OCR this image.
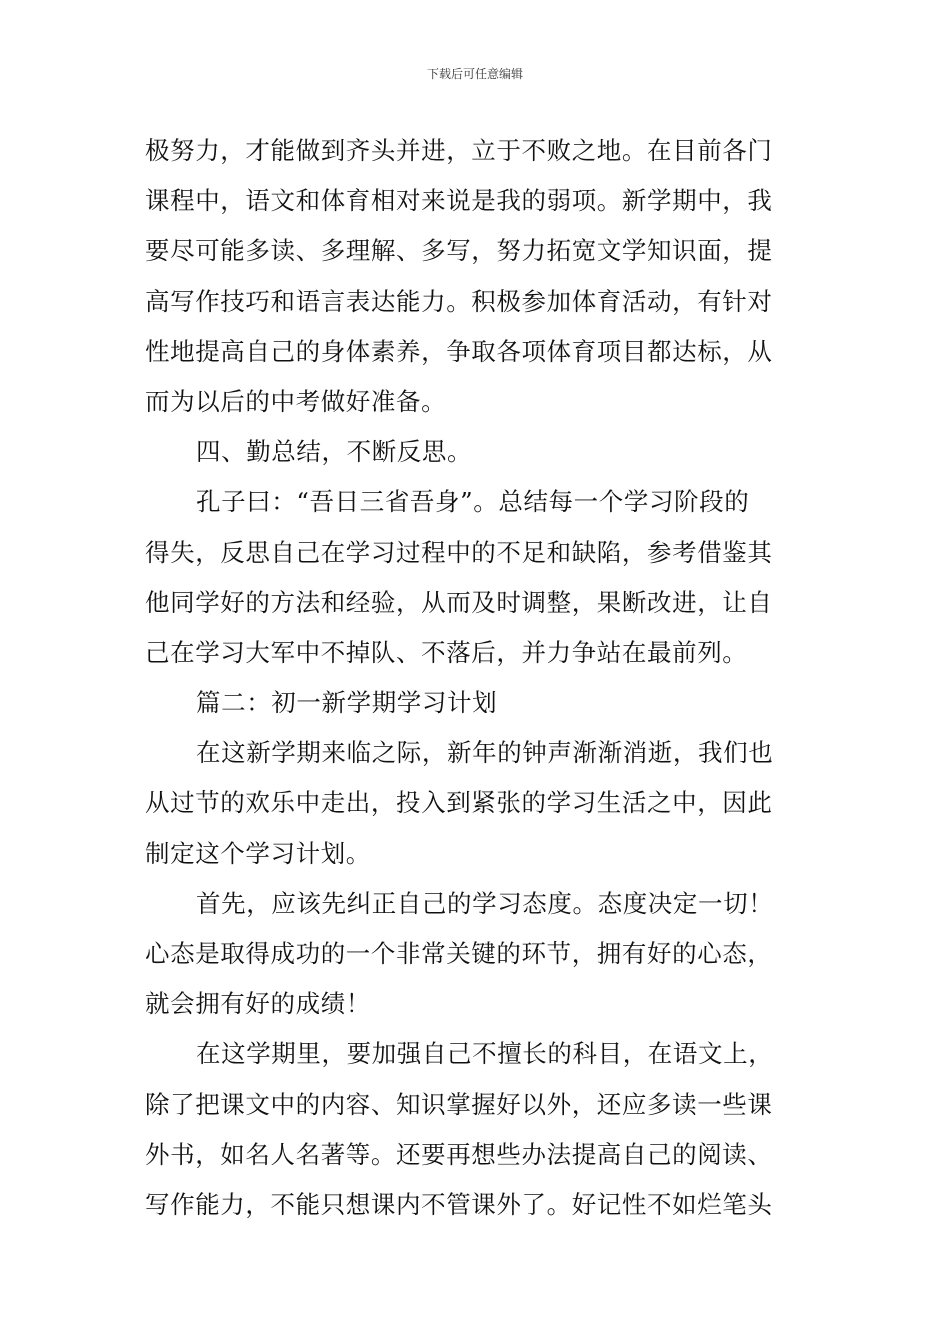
下载后可任意编辑
极努力，才能做到齐头并进，立于不败之地。在目前各门
课程中，语文和体育相对来说是我的弱项。新学期中，我
要尽可能多读、多理解、多写，努力拓宽文学知识面，提
高写作技巧和语言表达能力。积极参加体育活动，有针对
性地提高自己的身体素养，争取各项体育项目都达标，从
而为以后的中考做好准备。
四、勤总结，不断反思。
孔子曰：“吾日三省吾身”。总结每一个学习阶段的
得失，反思自己在学习过程中的不足和缺陷，参考借鉴其
他同学好的方法和经验，从而及时调整，果断改进，让自
己在学习大军中不掉队、不落后，并力争站在最前列。
篇二：初一新学期学习计划
在这新学期来临之际，新年的钟声渐渐消逝，我们也
从过节的欢乐中走出，投入到紧张的学习生活之中，因此
制定这个学习计划。
首先，应该先纠正自己的学习态度。态度决定一切！
心态是取得成功的一个非常关键的环节，拥有好的心态，
就会拥有好的成绩！
在这学期里，要加强自己不擅长的科目，在语文上，
除了把课文中的内容、知识掌握好以外，还应多读一些课
外书，如名人名著等。还要再想些办法提高自己的阅读、
写作能力，不能只想课内不管课外了。好记性不如烂笔头
